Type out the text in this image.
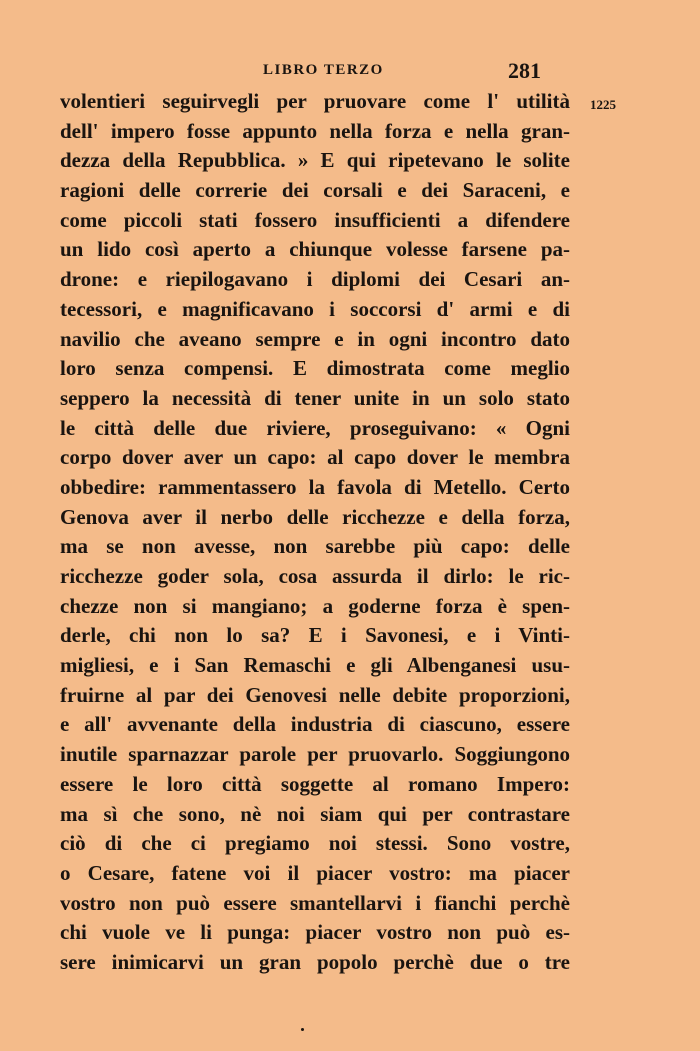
LIBRO TERZO	281
1225
volentieri seguirvegli per pruovare come l' utilità
dell' impero fosse appunto nella forza e nella gran-
dezza della Repubblica. » E qui ripetevano le solite
ragioni delle correrie dei corsali e dei Saraceni, e
come piccoli stati fossero insufficienti a difendere
un lido così aperto a chiunque volesse farsene pa-
drone: e riepilogavano i diplomi dei Cesari an-
tecessori, e magnificavano i soccorsi d' armi e di
navilio che aveano sempre e in ogni incontro dato
loro senza compensi. E dimostrata come meglio
seppero la necessità di tener unite in un solo stato
le città delle due riviere, proseguivano: « Ogni
corpo dover aver un capo: al capo dover le membra
obbedire: rammentassero la favola di Metello. Certo
Genova aver il nerbo delle ricchezze e della forza,
ma se non avesse, non sarebbe più capo: delle
ricchezze goder sola, cosa assurda il dirlo: le ric-
chezze non si mangiano; a goderne forza è spen-
derle, chi non lo sa? E i Savonesi, e i Vinti-
migliesi, e i San Remaschi e gli Albenganesi usu-
fruirne al par dei Genovesi nelle debite proporzioni,
e all' avvenante della industria di ciascuno, essere
inutile sparnazzar parole per pruovarlo. Soggiungono
essere le loro città soggette al romano Impero:
ma sì che sono, nè noi siam qui per contrastare
ciò di che ci pregiamo noi stessi. Sono vostre,
o Cesare, fatene voi il piacer vostro: ma piacer
vostro non può essere smantellarvi i fianchi perchè
chi vuole ve li punga: piacer vostro non può es-
sere inimicarvi un gran popolo perchè due o tre
